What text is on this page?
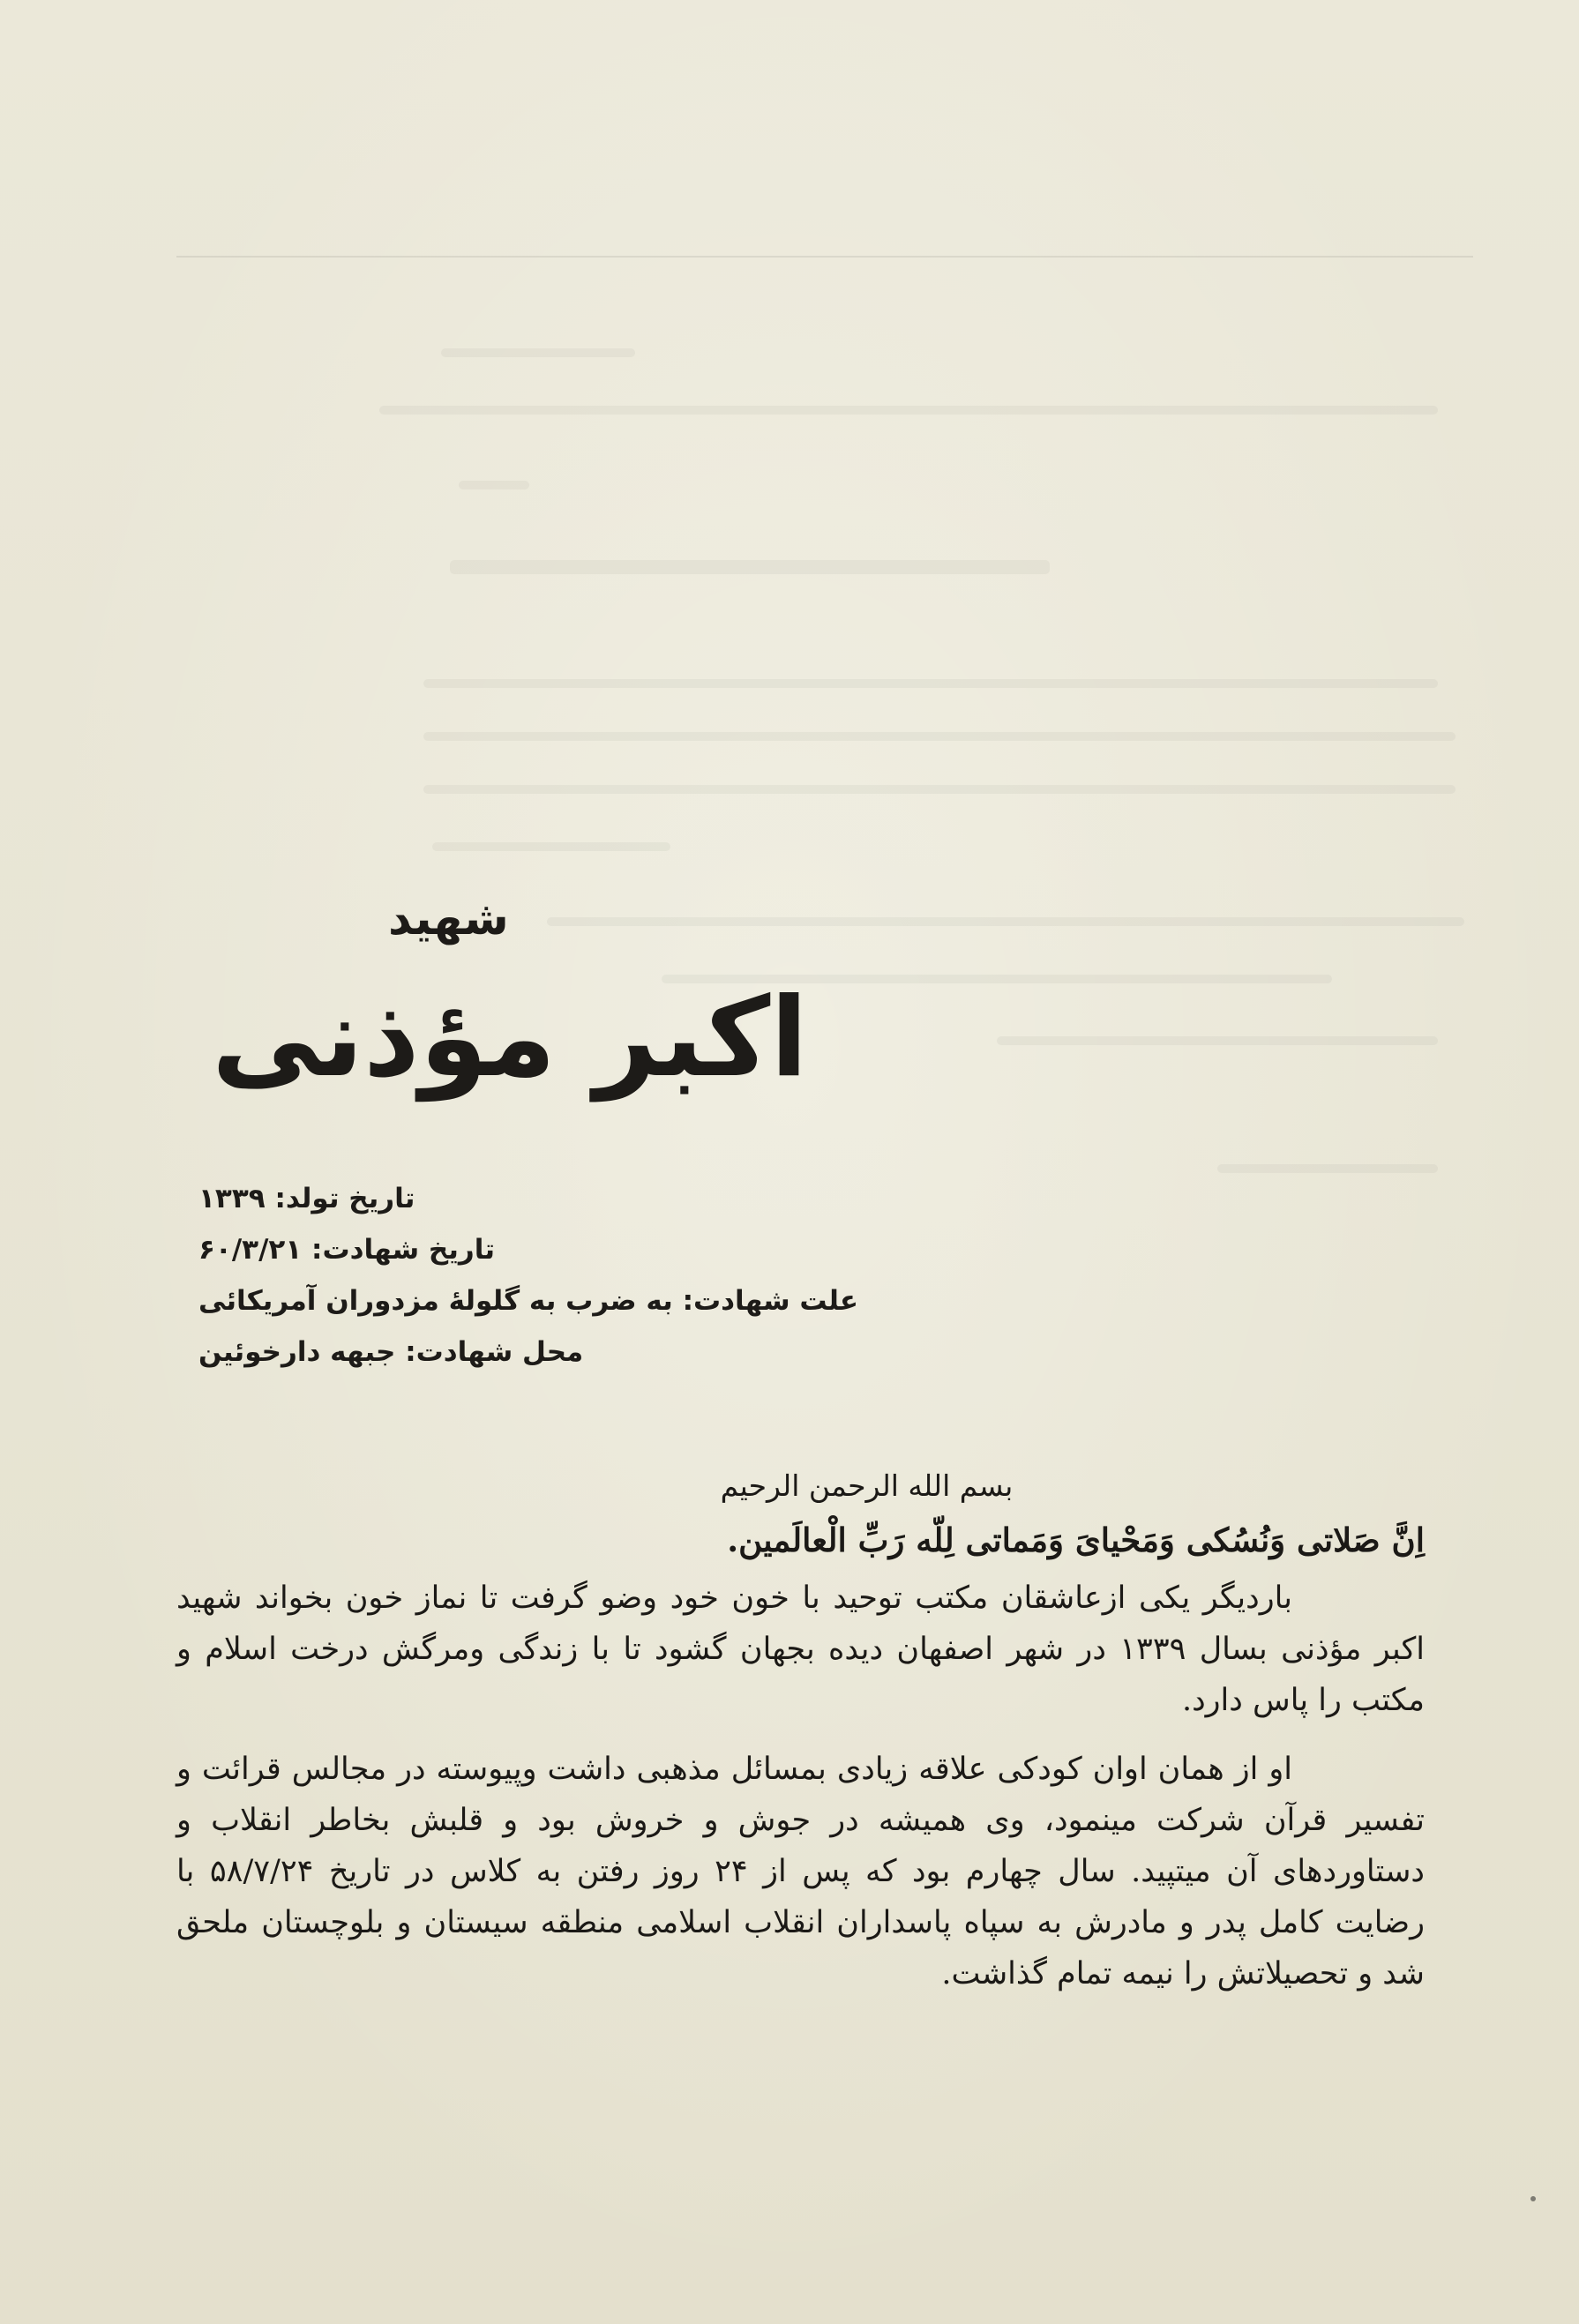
شهید
اکبر مؤذنی
تاریخ تولد: ۱۳۳۹
تاریخ شهادت: ۶۰/۳/۲۱
علت شهادت: به ضرب به گلولهٔ مزدوران آمریکائی
محل شهادت: جبهه دارخوئین
بسم الله الرحمن الرحیم
اِنَّ صَلاتی وَنُسُکی وَمَحْیایَ وَمَماتی لِلّه رَبِّ الْعالَمین.

باردیگر یکی ازعاشقان مکتب توحید با خون خود وضو گرفت تا نماز خون بخواند شهید اکبر مؤذنی بسال ۱۳۳۹ در شهر اصفهان دیده بجهان گشود تا با زندگی ومرگش درخت اسلام و مکتب را پاس دارد.

او از همان اوان کودکی علاقه زیادی بمسائل مذهبی داشت وپیوسته در مجالس قرائت و تفسیر قرآن شرکت مینمود، وی همیشه در جوش و خروش بود و قلبش بخاطر انقلاب و دستاوردهای آن میتپید. سال چهارم بود که پس از ۲۴ روز رفتن به کلاس در تاریخ ۵۸/۷/۲۴ با رضایت کامل پدر و مادرش به سپاه پاسداران انقلاب اسلامی منطقه سیستان و بلوچستان ملحق شد و تحصیلاتش را نیمه تمام گذاشت.
